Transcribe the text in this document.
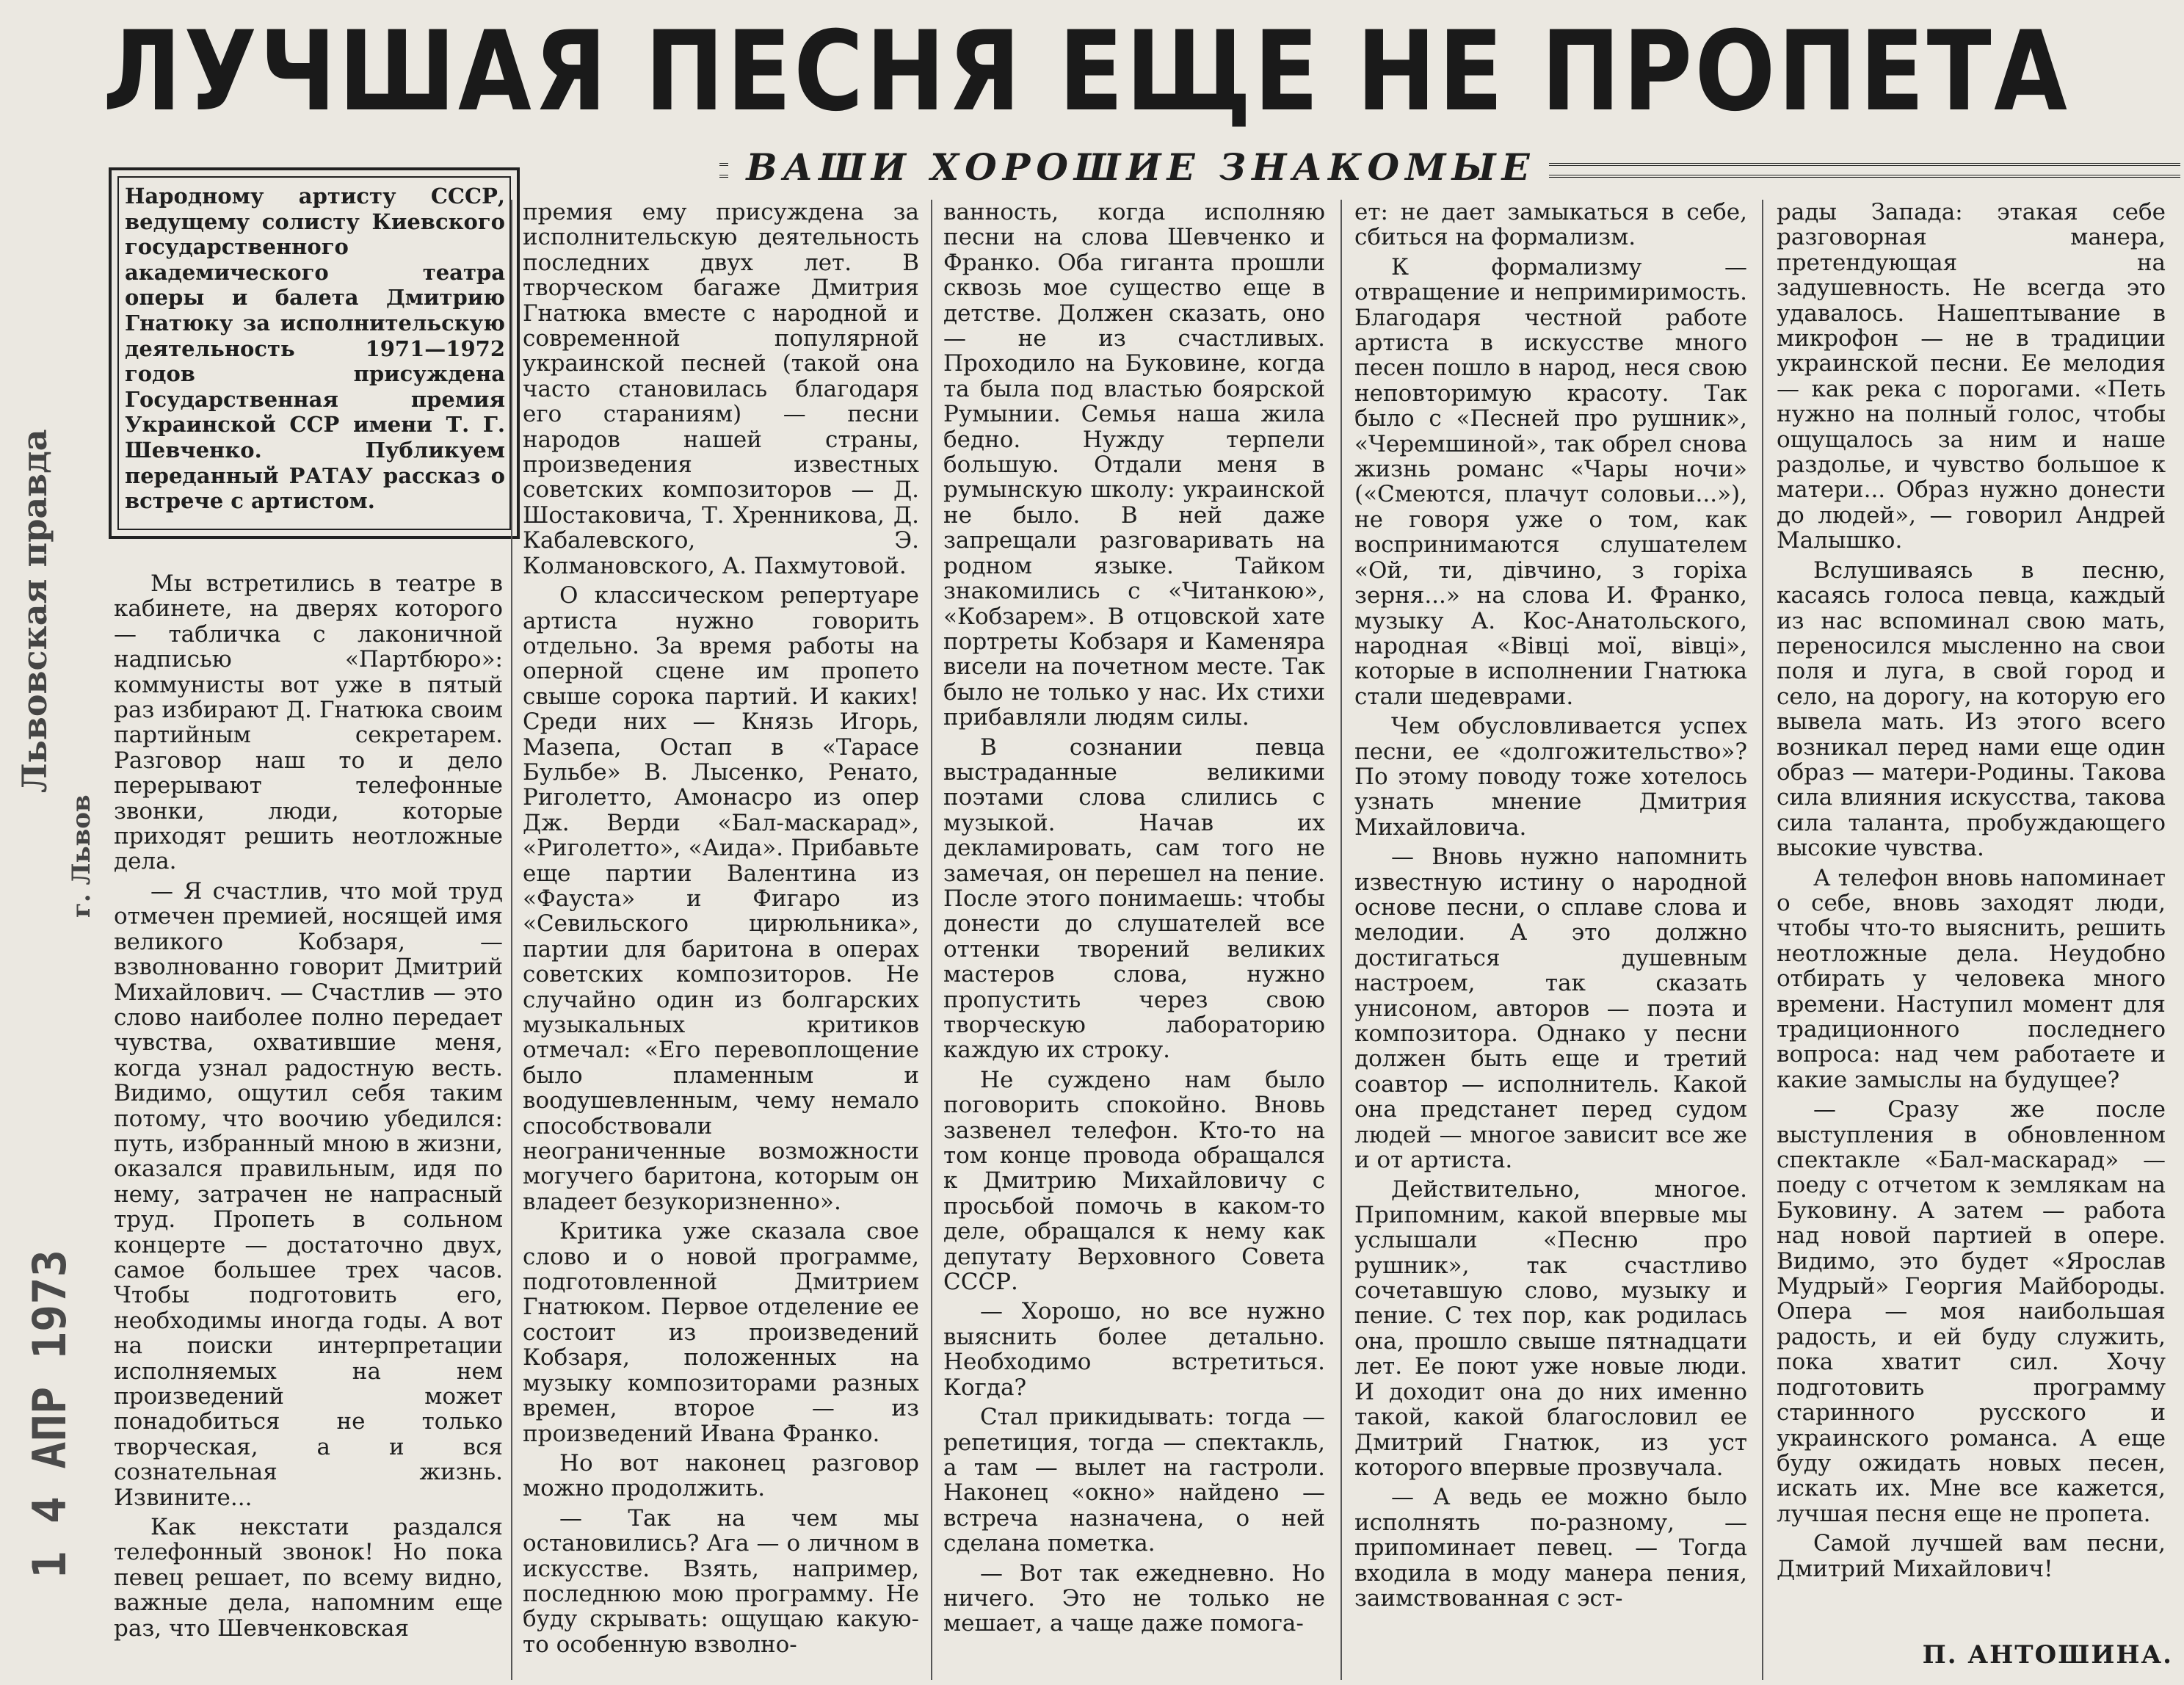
ЛУЧШАЯ ПЕСНЯ ЕЩЕ НЕ ПРОПЕТА
ВАШИ ХОРОШИЕ ЗНАКОМЫЕ
Народному артисту СССР, ведущему солисту Киевского государственного академического театра оперы и балета Дмитрию Гнатюку за исполнительскую деятельность 1971—1972 годов присуждена Государственная премия Украинской ССР имени Т. Г. Шевченко. Публикуем переданный РАТАУ рассказ о встрече с артистом.

Мы встретились в театре в кабинете, на дверях которого — табличка с лаконичной надписью «Партбюро»: коммунисты вот уже в пятый раз избирают Д. Гнатюка своим партийным секретарем. Разговор наш то и дело перерывают телефонные звонки, люди, которые приходят решить неотложные дела.

— Я счастлив, что мой труд отмечен премией, носящей имя великого Кобзаря, — взволнованно говорит Дмитрий Михайлович. — Счастлив — это слово наиболее полно передает чувства, охватившие меня, когда узнал радостную весть. Видимо, ощутил себя таким потому, что воочию убедился: путь, избранный мною в жизни, оказался правильным, идя по нему, затрачен не напрасный труд. Пропеть в сольном концерте — достаточно двух, самое большее трех часов. Чтобы подготовить его, необходимы иногда годы. А вот на поиски интерпретации исполняемых на нем произведений может понадобиться не только творческая, а и вся сознательная жизнь. Извините...

Как некстати раздался телефонный звонок! Но пока певец решает, по всему видно, важные дела, напомним еще раз, что Шевченковская

премия ему присуждена за исполнительскую деятельность последних двух лет. В творческом багаже Дмитрия Гнатюка вместе с народной и современной популярной украинской песней (такой она часто становилась благодаря его стараниям) — песни народов нашей страны, произведения известных советских композиторов — Д. Шостаковича, Т. Хренникова, Д. Кабалевского, Э. Колмановского, А. Пахмутовой.

О классическом репертуаре артиста нужно говорить отдельно. За время работы на оперной сцене им пропето свыше сорока партий. И каких! Среди них — Князь Игорь, Мазепа, Остап в «Тарасе Бульбе» В. Лысенко, Ренато, Риголетто, Амонасро из опер Дж. Верди «Бал-маскарад», «Риголетто», «Аида». Прибавьте еще партии Валентина из «Фауста» и Фигаро из «Севильского цирюльника», партии для баритона в операх советских композиторов. Не случайно один из болгарских музыкальных критиков отмечал: «Его перевоплощение было пламенным и воодушевленным, чему немало способствовали неограниченные возможности могучего баритона, которым он владеет безукоризненно».

Критика уже сказала свое слово и о новой программе, подготовленной Дмитрием Гнатюком. Первое отделение ее состоит из произведений Кобзаря, положенных на музыку композиторами разных времен, второе — из произведений Ивана Франко.

Но вот наконец разговор можно продолжить.

— Так на чем мы остановились? Ага — о личном в искусстве. Взять, например, последнюю мою программу. Не буду скрывать: ощущаю какую-то особенную взволно-

ванность, когда исполняю песни на слова Шевченко и Франко. Оба гиганта прошли сквозь мое существо еще в детстве. Должен сказать, оно — не из счастливых. Проходило на Буковине, когда та была под властью боярской Румынии. Семья наша жила бедно. Нужду терпели большую. Отдали меня в румынскую школу: украинской не было. В ней даже запрещали разговаривать на родном языке. Тайком знакомились с «Читанкою», «Кобзарем». В отцовской хате портреты Кобзаря и Каменяра висели на почетном месте. Так было не только у нас. Их стихи прибавляли людям силы.

В сознании певца выстраданные великими поэтами слова слились с музыкой. Начав их декламировать, сам того не замечая, он перешел на пение. После этого понимаешь: чтобы донести до слушателей все оттенки творений великих мастеров слова, нужно пропустить через свою творческую лабораторию каждую их строку.

Не суждено нам было поговорить спокойно. Вновь зазвенел телефон. Кто-то на том конце провода обращался к Дмитрию Михайловичу с просьбой помочь в каком-то деле, обращался к нему как депутату Верховного Совета СССР.

— Хорошо, но все нужно выяснить более детально. Необходимо встретиться. Когда?

Стал прикидывать: тогда — репетиция, тогда — спектакль, а там — вылет на гастроли. Наконец «окно» найдено — встреча назначена, о ней сделана пометка.

— Вот так ежедневно. Но ничего. Это не только не мешает, а чаще даже помога-

ет: не дает замыкаться в себе, сбиться на формализм.

К формализму — отвращение и непримиримость. Благодаря честной работе артиста в искусстве много песен пошло в народ, неся свою неповторимую красоту. Так было с «Песней про рушник», «Черемшиной», так обрел снова жизнь романс «Чары ночи» («Смеются, плачут соловьи...»), не говоря уже о том, как воспринимаются слушателем «Ой, ти, дівчино, з горіха зерня...» на слова И. Франко, музыку А. Кос-Анатольского, народная «Вівці мої, вівці», которые в исполнении Гнатюка стали шедеврами.

Чем обусловливается успех песни, ее «долгожительство»? По этому поводу тоже хотелось узнать мнение Дмитрия Михайловича.

— Вновь нужно напомнить известную истину о народной основе песни, о сплаве слова и мелодии. А это должно достигаться душевным настроем, так сказать унисоном, авторов — поэта и композитора. Однако у песни должен быть еще и третий соавтор — исполнитель. Какой она предстанет перед судом людей — многое зависит все же и от артиста.

Действительно, многое. Припомним, какой впервые мы услышали «Песню про рушник», так счастливо сочетавшую слово, музыку и пение. С тех пор, как родилась она, прошло свыше пятнадцати лет. Ее поют уже новые люди. И доходит она до них именно такой, какой благословил ее Дмитрий Гнатюк, из уст которого впервые прозвучала.

— А ведь ее можно было исполнять по-разному, — припоминает певец. — Тогда входила в моду манера пения, заимствованная с эст-

рады Запада: этакая себе разговорная манера, претендующая на задушевность. Не всегда это удавалось. Нашептывание в микрофон — не в традиции украинской песни. Ее мелодия — как река с порогами. «Петь нужно на полный голос, чтобы ощущалось за ним и наше раздолье, и чувство большое к матери... Образ нужно донести до людей», — говорил Андрей Малышко.

Вслушиваясь в песню, касаясь голоса певца, каждый из нас вспоминал свою мать, переносился мысленно на свои поля и луга, в свой город и село, на дорогу, на которую его вывела мать. Из этого всего возникал перед нами еще один образ — матери-Родины. Такова сила влияния искусства, такова сила таланта, пробуждающего высокие чувства.

А телефон вновь напоминает о себе, вновь заходят люди, чтобы что-то выяснить, решить неотложные дела. Неудобно отбирать у человека много времени. Наступил момент для традиционного последнего вопроса: над чем работаете и какие замыслы на будущее?

— Сразу же после выступления в обновленном спектакле «Бал-маскарад» — поеду с отчетом к землякам на Буковину. А затем — работа над новой партией в опере. Видимо, это будет «Ярослав Мудрый» Георгия Майбороды. Опера — моя наибольшая радость, и ей буду служить, пока хватит сил. Хочу подготовить программу старинного русского и украинского романса. А еще буду ожидать новых песен, искать их. Мне все кажется, лучшая песня еще не пропета.

Самой лучшей вам песни, Дмитрий Михайлович!

П. АНТОШИНА.
Львовская правда
г. Львов
1 4 АПР 1973
